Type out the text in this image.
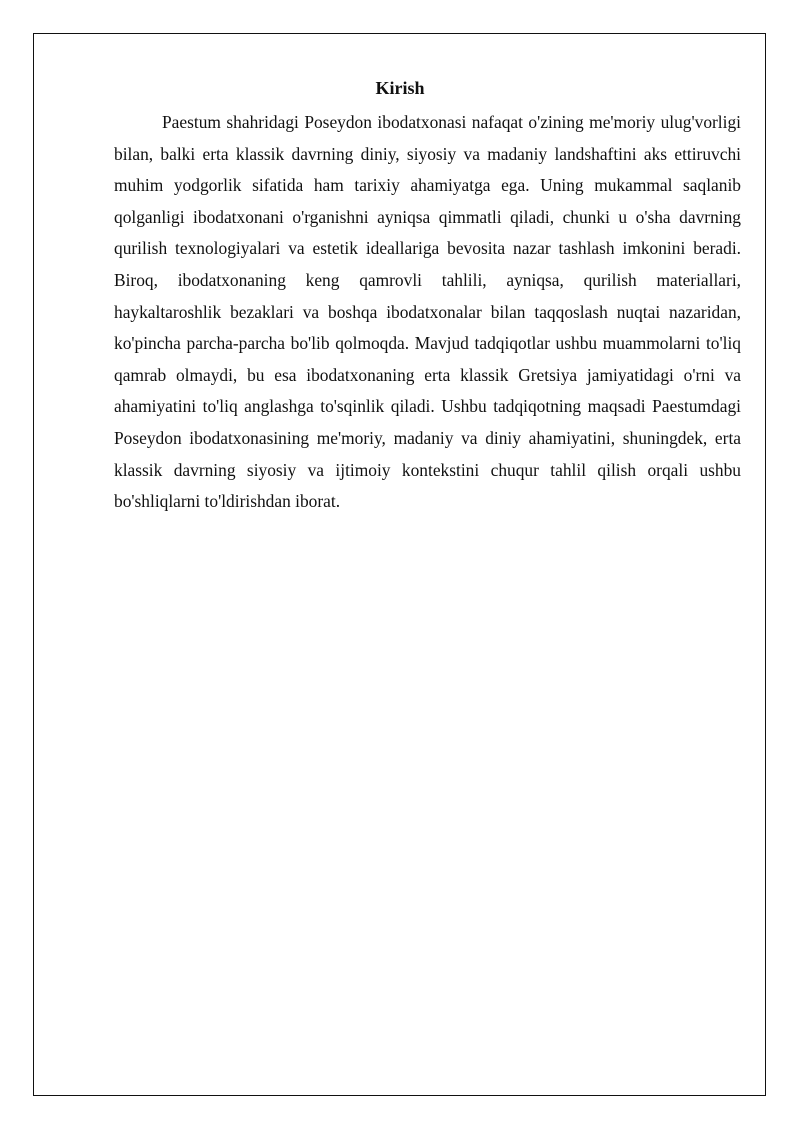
Kirish

Paestum shahridagi Poseydon ibodatxonasi nafaqat o'zining me'moriy ulug'vorligi bilan, balki erta klassik davrning diniy, siyosiy va madaniy landshaftini aks ettiruvchi muhim yodgorlik sifatida ham tarixiy ahamiyatga ega. Uning mukammal saqlanib qolganligi ibodatxonani o'rganishni ayniqsa qimmatli qiladi, chunki u o'sha davrning qurilish texnologiyalari va estetik ideallariga bevosita nazar tashlash imkonini beradi. Biroq, ibodatxonaning keng qamrovli tahlili, ayniqsa, qurilish materiallari, haykaltaroshlik bezaklari va boshqa ibodatxonalar bilan taqqoslash nuqtai nazaridan, ko'pincha parcha-parcha bo'lib qolmoqda. Mavjud tadqiqotlar ushbu muammolarni to'liq qamrab olmaydi, bu esa ibodatxonaning erta klassik Gretsiya jamiyatidagi o'rni va ahamiyatini to'liq anglashga to'sqinlik qiladi. Ushbu tadqiqotning maqsadi Paestumdagi Poseydon ibodatxonasining me'moriy, madaniy va diniy ahamiyatini, shuningdek, erta klassik davrning siyosiy va ijtimoiy kontekstini chuqur tahlil qilish orqali ushbu bo'shliqlarni to'ldirishdan iborat.
